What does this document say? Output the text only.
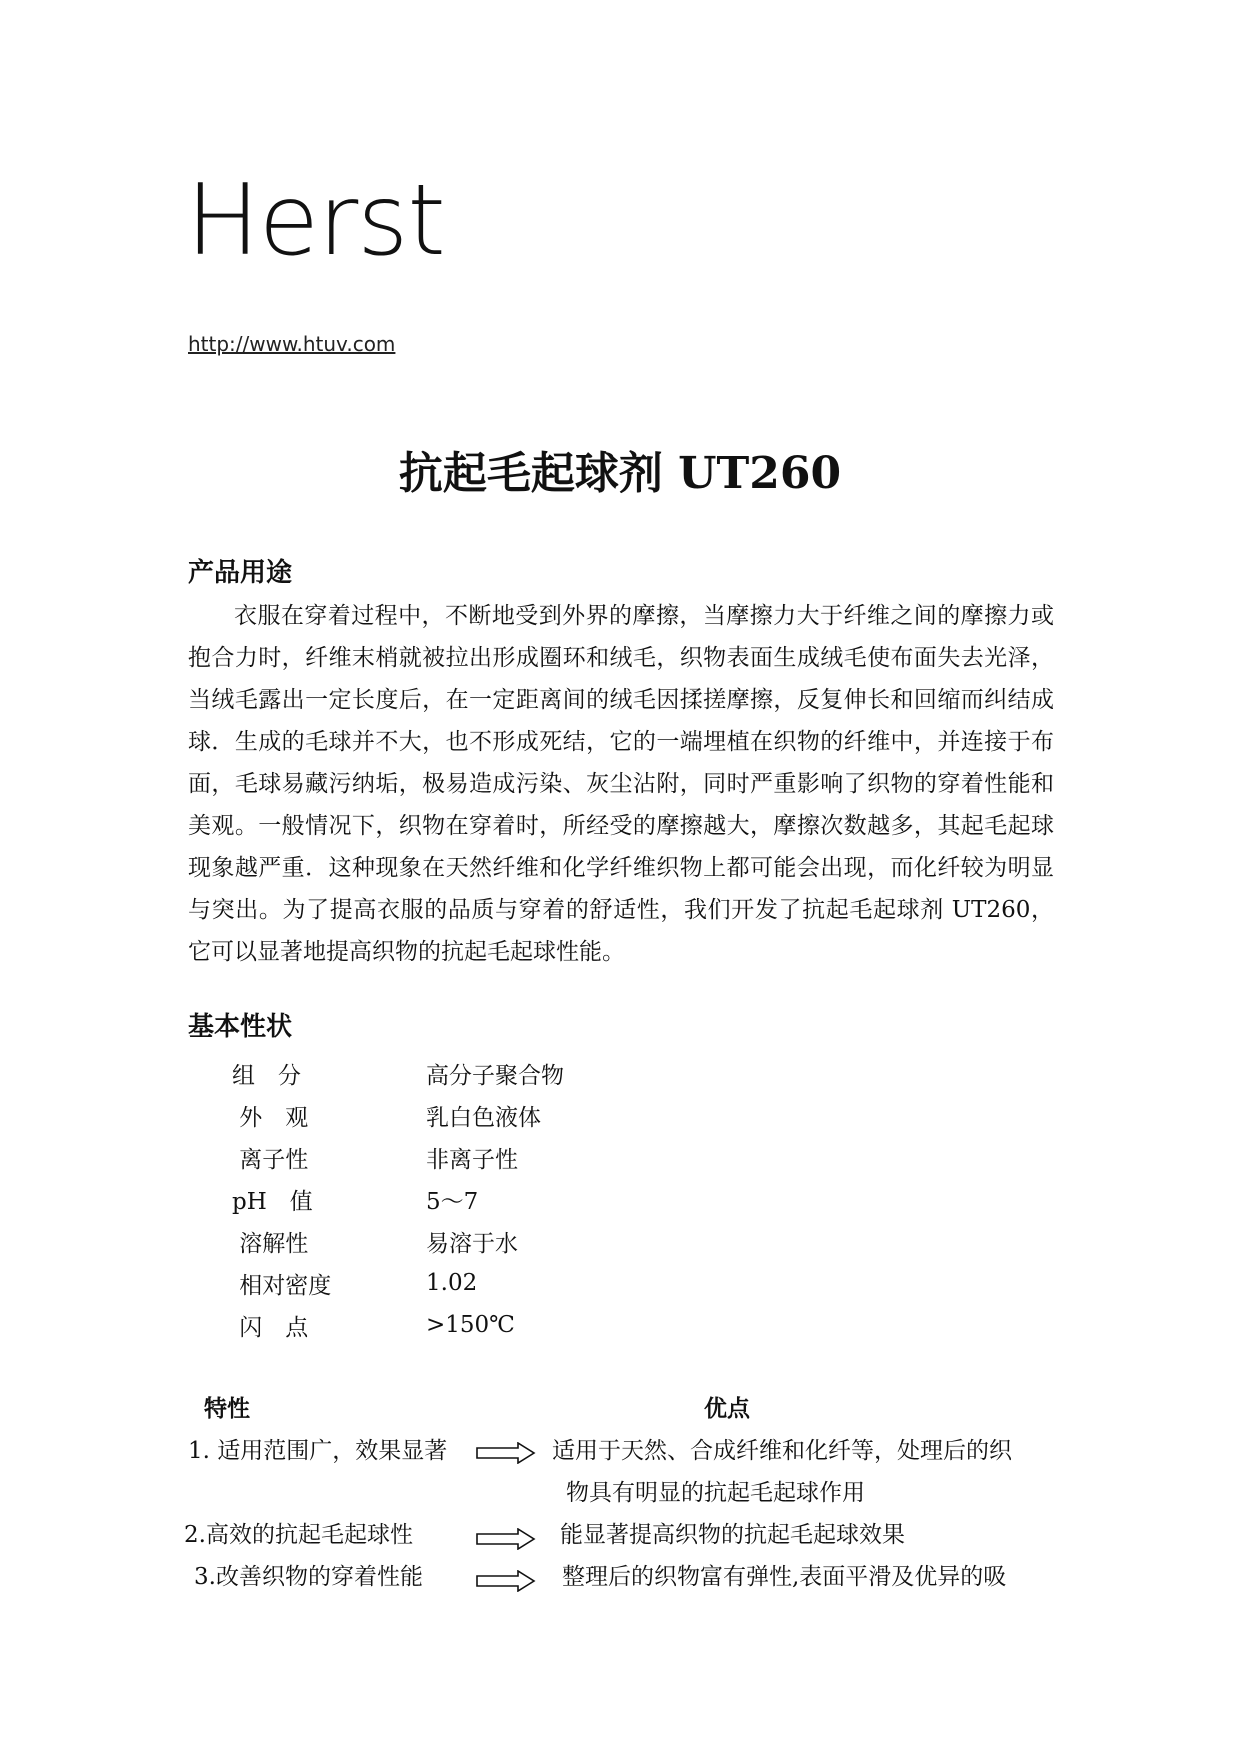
Herst
http://www.htuv.com
抗起毛起球剂 UT260
产品用途

衣服在穿着过程中，不断地受到外界的摩擦，当摩擦力大于纤维之间的摩擦力或抱合力时，纤维末梢就被拉出形成圈环和绒毛，织物表面生成绒毛使布面失去光泽，当绒毛露出一定长度后，在一定距离间的绒毛因揉搓摩擦，反复伸长和回缩而纠结成球．生成的毛球并不大，也不形成死结，它的一端埋植在织物的纤维中，并连接于布面，毛球易藏污纳垢，极易造成污染、灰尘沾附，同时严重影响了织物的穿着性能和美观。一般情况下，织物在穿着时，所经受的摩擦越大，摩擦次数越多，其起毛起球现象越严重．这种现象在天然纤维和化学纤维织物上都可能会出现，而化纤较为明显与突出。为了提高衣服的品质与穿着的舒适性，我们开发了抗起毛起球剂 UT260，它可以显著地提高织物的抗起毛起球性能。

基本性状
组　分	高分子聚合物
外　观	乳白色液体
离子性	非离子性
pH　值	5～7
溶解性	易溶于水
相对密度	1.02
闪　点	>150℃
特性	优点
1. 适用范围广，效果显著	适用于天然、合成纤维和化纤等，处理后的织
物具有明显的抗起毛起球作用
2.高效的抗起毛起球性	能显著提高织物的抗起毛起球效果
3.改善织物的穿着性能	整理后的织物富有弹性,表面平滑及优异的吸
